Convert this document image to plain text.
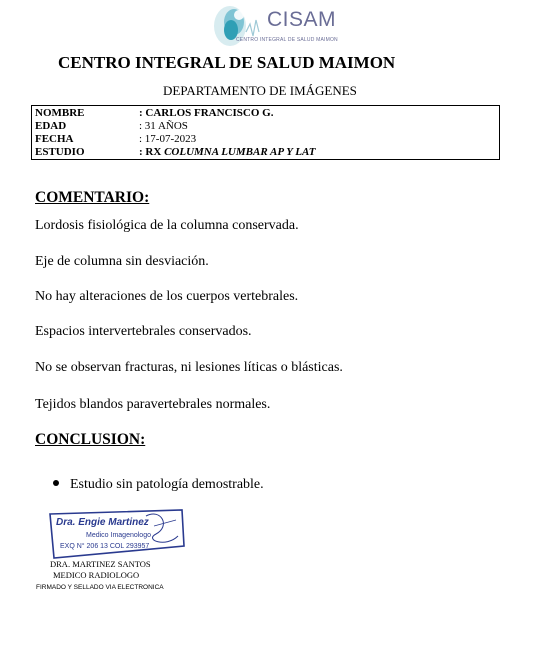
CISAM
CENTRO INTEGRAL DE SALUD MAIMON
CENTRO INTEGRAL DE SALUD MAIMON
DEPARTAMENTO DE IMÁGENES
NOMBRE	: CARLOS FRANCISCO G.
EDAD	: 31 AÑOS
FECHA	: 17-07-2023
ESTUDIO	: RX COLUMNA LUMBAR AP Y LAT
COMENTARIO:
Lordosis fisiológica de la columna conservada.
Eje de columna sin desviación.
No hay alteraciones de los cuerpos vertebrales.
Espacios intervertebrales conservados.
No se observan fracturas, ni lesiones líticas o blásticas.
Tejidos blandos paravertebrales normales.
CONCLUSION:
Estudio sin patología demostrable.
Dra. Engie Martinez
Medico Imagenologo
EXQ N° 206 13 COL 293957
DRA. MARTINEZ SANTOS
MEDICO RADIOLOGO
FIRMADO Y SELLADO VIA ELECTRONICA
